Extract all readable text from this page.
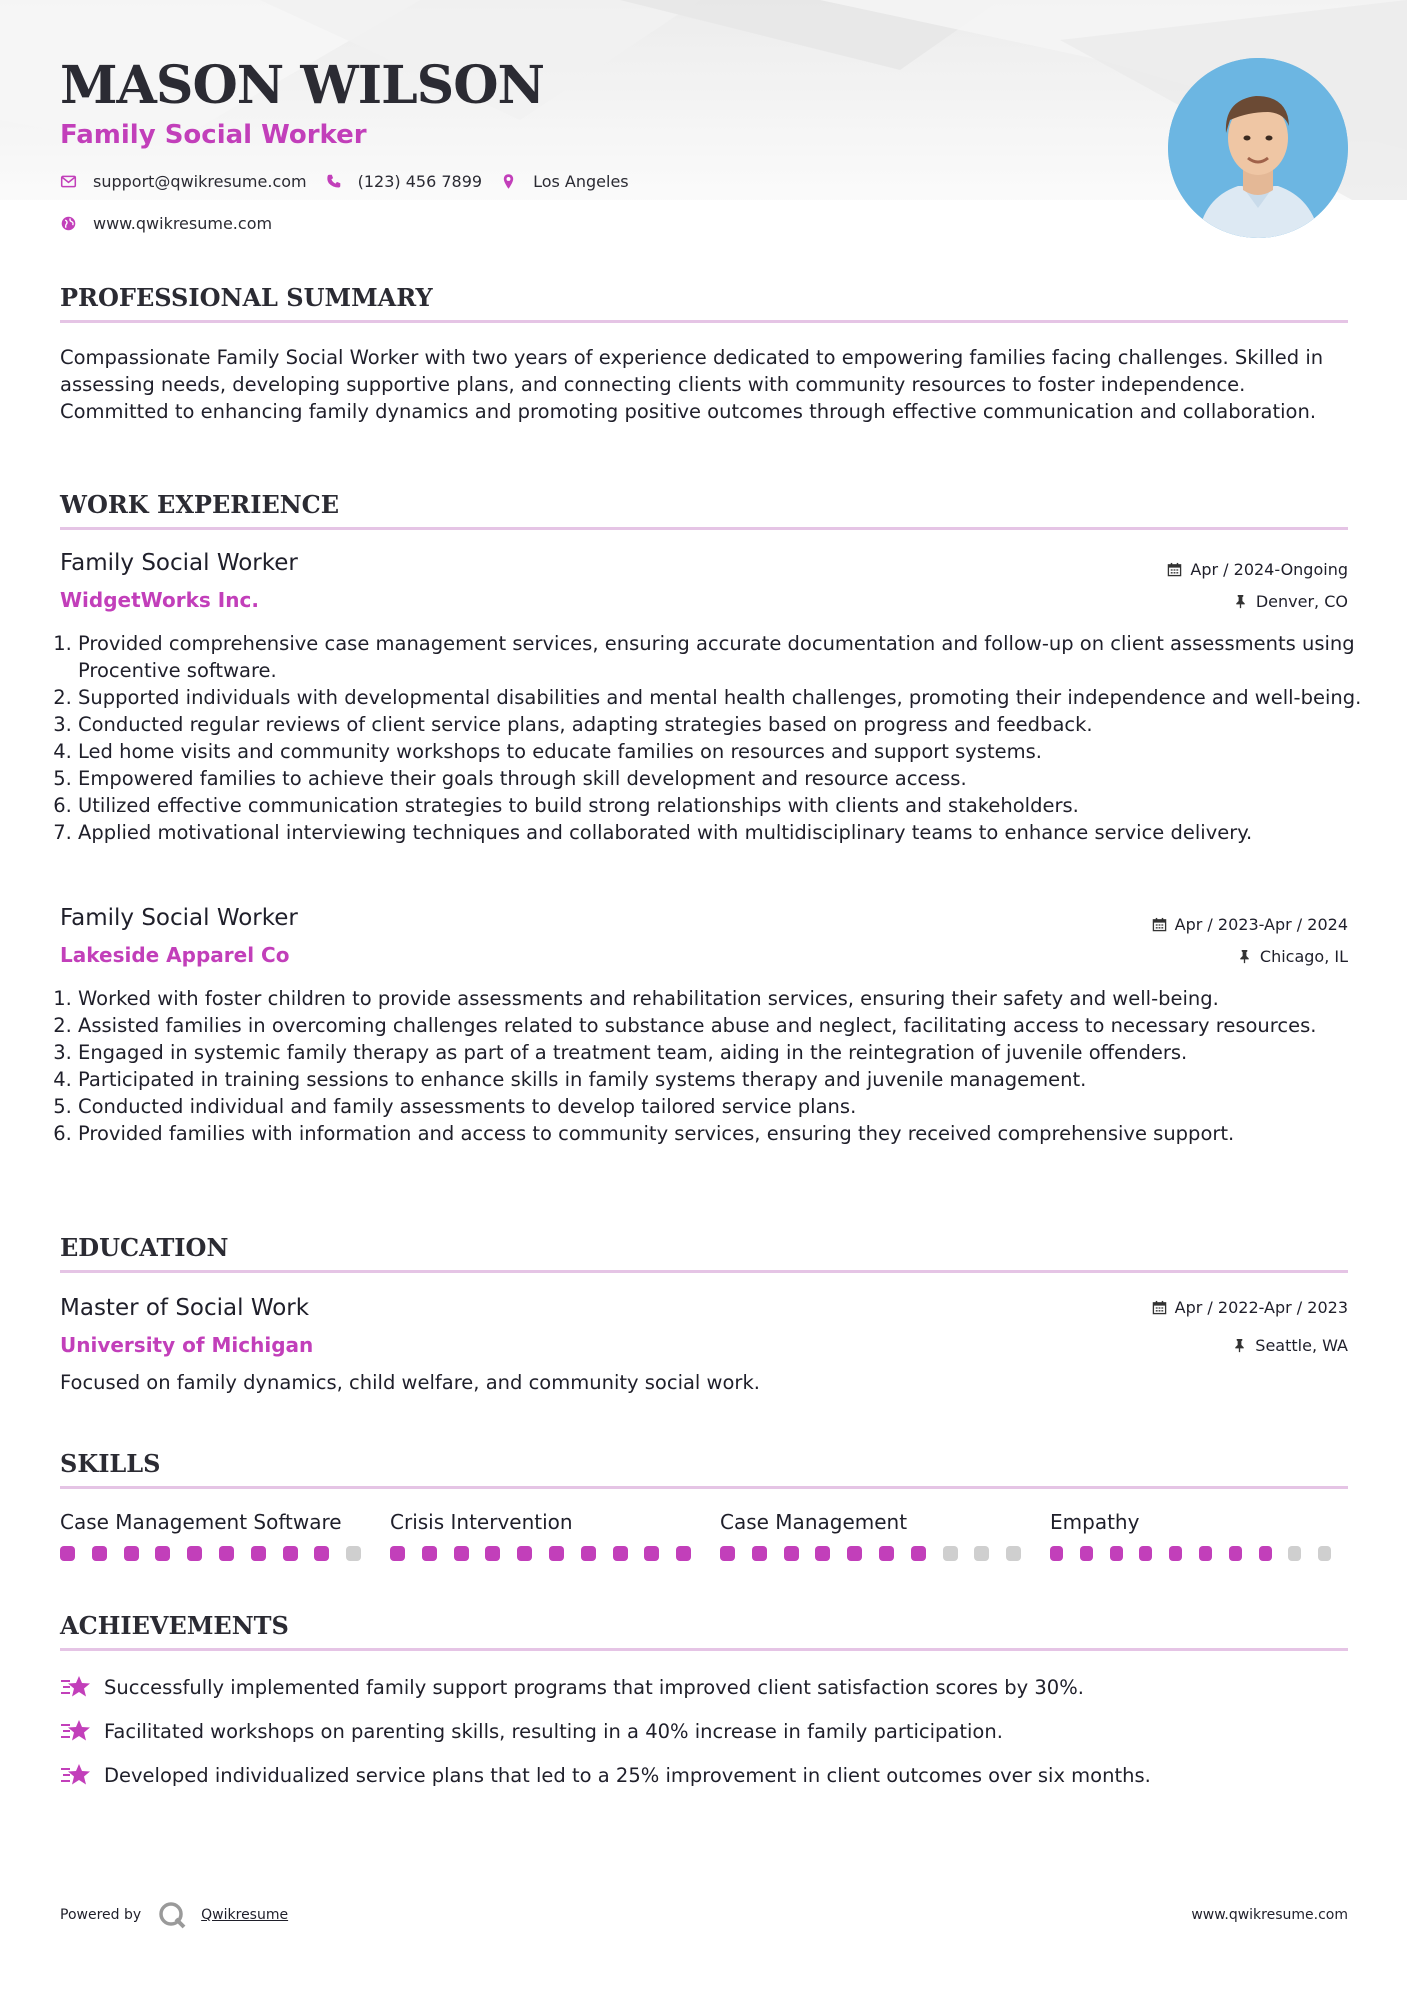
MASON WILSON
Family Social Worker
support@qwikresume.com	(123) 456 7899	Los Angeles
www.qwikresume.com
PROFESSIONAL SUMMARY

Compassionate Family Social Worker with two years of experience dedicated to empowering families facing challenges. Skilled in assessing needs, developing supportive plans, and connecting clients with community resources to foster independence. Committed to enhancing family dynamics and promoting positive outcomes through effective communication and collaboration.

WORK EXPERIENCE
Family Social Worker	Apr / 2024-Ongoing
WidgetWorks Inc.	Denver, CO
1. Provided comprehensive case management services, ensuring accurate documentation and follow-up on client assessments using Procentive software.
2. Supported individuals with developmental disabilities and mental health challenges, promoting their independence and well-being.
3. Conducted regular reviews of client service plans, adapting strategies based on progress and feedback.
4. Led home visits and community workshops to educate families on resources and support systems.
5. Empowered families to achieve their goals through skill development and resource access.
6. Utilized effective communication strategies to build strong relationships with clients and stakeholders.
7. Applied motivational interviewing techniques and collaborated with multidisciplinary teams to enhance service delivery.
Family Social Worker	Apr / 2023-Apr / 2024
Lakeside Apparel Co	Chicago, IL
1. Worked with foster children to provide assessments and rehabilitation services, ensuring their safety and well-being.
2. Assisted families in overcoming challenges related to substance abuse and neglect, facilitating access to necessary resources.
3. Engaged in systemic family therapy as part of a treatment team, aiding in the reintegration of juvenile offenders.
4. Participated in training sessions to enhance skills in family systems therapy and juvenile management.
5. Conducted individual and family assessments to develop tailored service plans.
6. Provided families with information and access to community services, ensuring they received comprehensive support.
EDUCATION
Master of Social Work	Apr / 2022-Apr / 2023
University of Michigan	Seattle, WA

Focused on family dynamics, child welfare, and community social work.

SKILLS
Case Management Software	Crisis Intervention	Case Management	Empathy
ACHIEVEMENTS
Successfully implemented family support programs that improved client satisfaction scores by 30%.
Facilitated workshops on parenting skills, resulting in a 40% increase in family participation.
Developed individualized service plans that led to a 25% improvement in client outcomes over six months.
Powered by	Qwikresume	www.qwikresume.com
